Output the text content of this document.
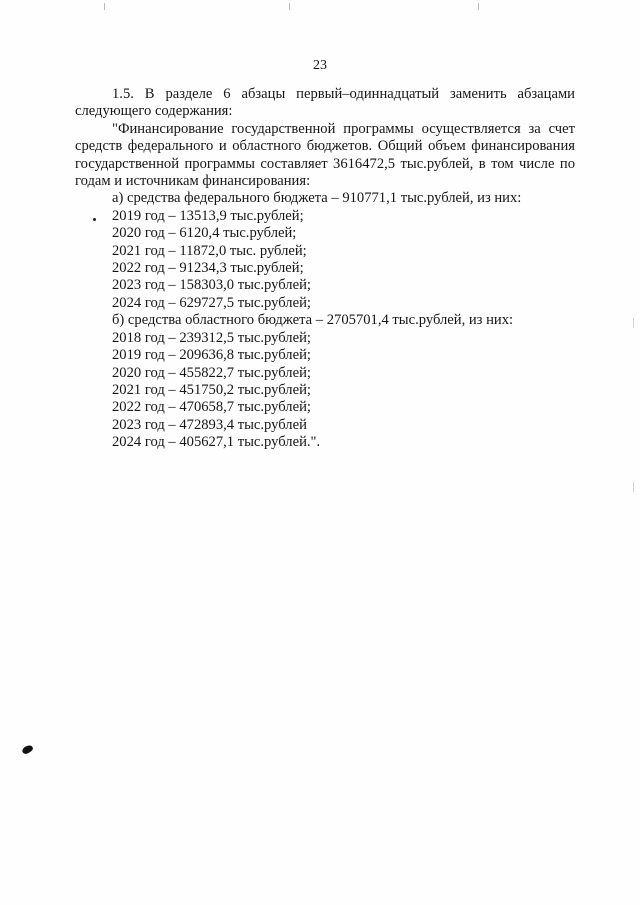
23
1.5. В разделе 6 абзацы первый–одиннадцатый заменить абзацами следующего содержания:
"Финансирование государственной программы осуществляется за счет средств федерального и областного бюджетов. Общий объем финансирования государственной программы составляет 3616472,5 тыс.рублей, в том числе по годам и источникам финансирования:
а) средства федерального бюджета – 910771,1 тыс.рублей, из них:
2019 год – 13513,9 тыс.рублей;
2020 год – 6120,4 тыс.рублей;
2021 год – 11872,0 тыс. рублей;
2022 год – 91234,3 тыс.рублей;
2023 год – 158303,0 тыс.рублей;
2024 год – 629727,5 тыс.рублей;
б) средства областного бюджета – 2705701,4 тыс.рублей, из них:
2018 год – 239312,5 тыс.рублей;
2019 год – 209636,8 тыс.рублей;
2020 год – 455822,7 тыс.рублей;
2021 год – 451750,2 тыс.рублей;
2022 год – 470658,7 тыс.рублей;
2023 год – 472893,4 тыс.рублей
2024 год – 405627,1 тыс.рублей.".
